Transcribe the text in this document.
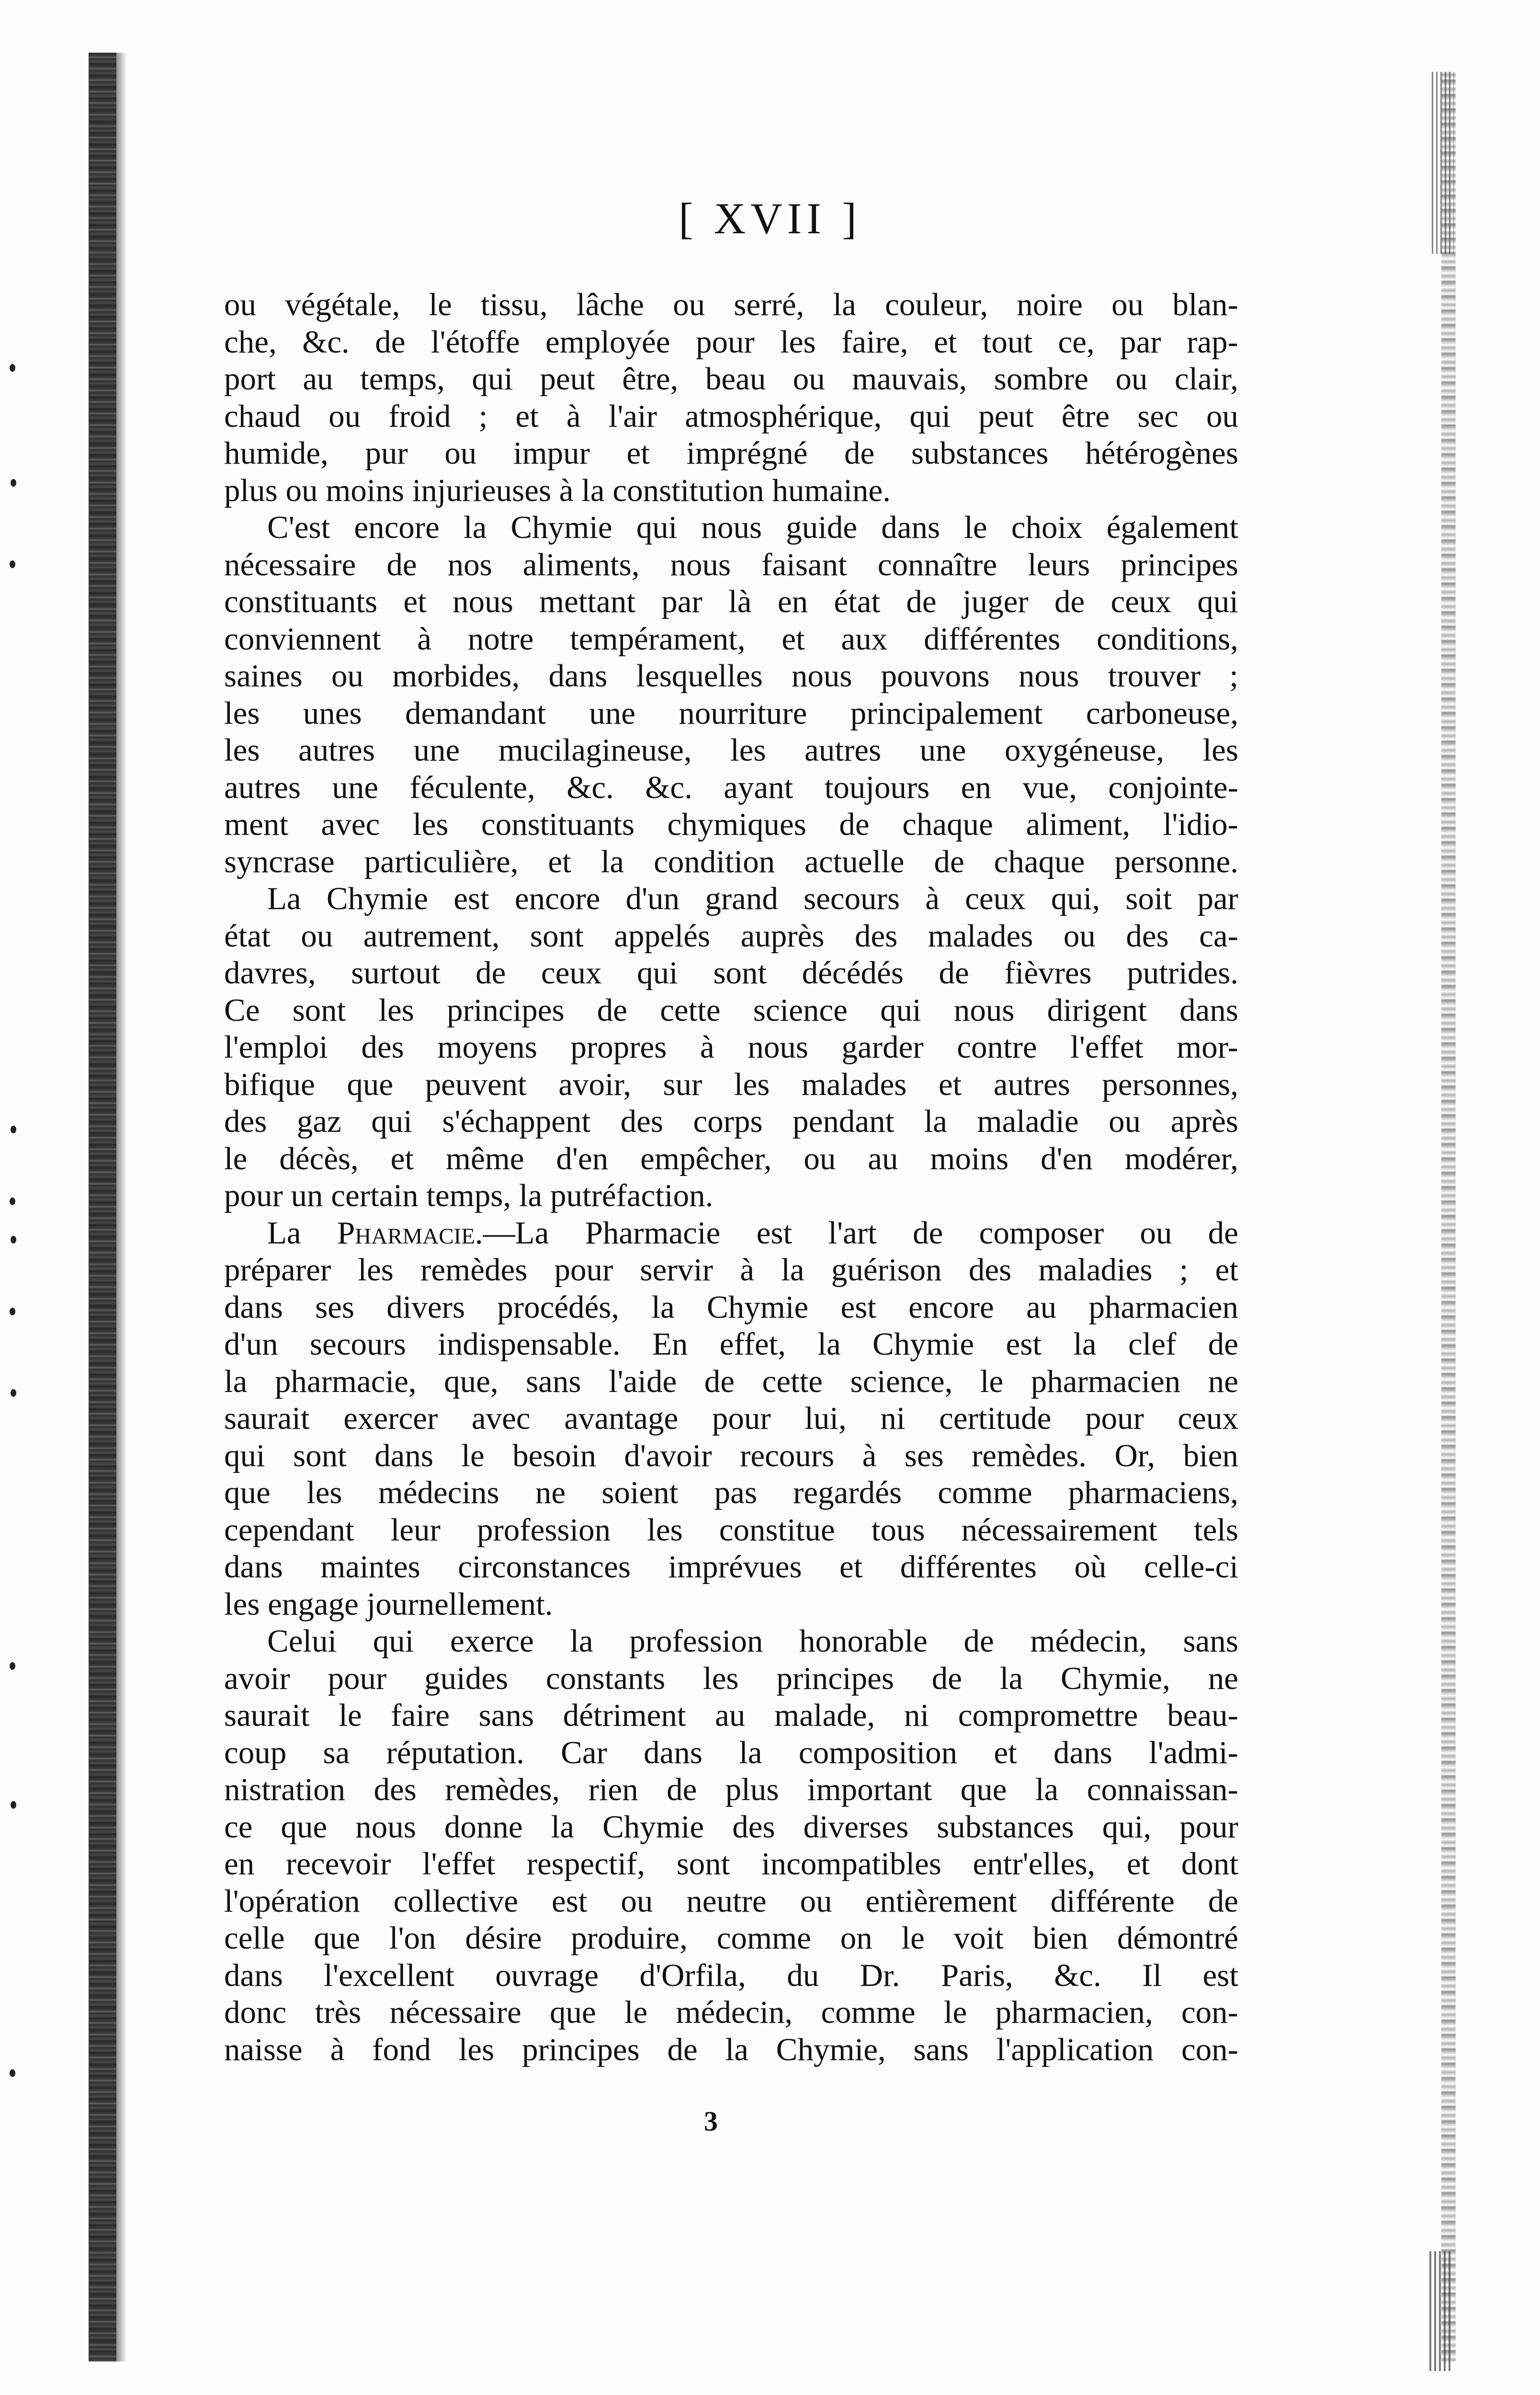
[ XVII ]
ou végétale, le tissu, lâche ou serré, la couleur, noire ou blan-
che, &c. de l'étoffe employée pour les faire, et tout ce, par rap-
port au temps, qui peut être, beau ou mauvais, sombre ou clair,
chaud ou froid ; et à l'air atmosphérique, qui peut être sec ou
humide, pur ou impur et imprégné de substances hétérogènes
plus ou moins injurieuses à la constitution humaine.
C'est encore la Chymie qui nous guide dans le choix également
nécessaire de nos aliments, nous faisant connaître leurs principes
constituants et nous mettant par là en état de juger de ceux qui
conviennent à notre tempérament, et aux différentes conditions,
saines ou morbides, dans lesquelles nous pouvons nous trouver ;
les unes demandant une nourriture principalement carboneuse,
les autres une mucilagineuse, les autres une oxygéneuse, les
autres une féculente, &c. &c. ayant toujours en vue, conjointe-
ment avec les constituants chymiques de chaque aliment, l'idio-
syncrase particulière, et la condition actuelle de chaque personne.
La Chymie est encore d'un grand secours à ceux qui, soit par
état ou autrement, sont appelés auprès des malades ou des ca-
davres, surtout de ceux qui sont décédés de fièvres putrides.
Ce sont les principes de cette science qui nous dirigent dans
l'emploi des moyens propres à nous garder contre l'effet mor-
bifique que peuvent avoir, sur les malades et autres personnes,
des gaz qui s'échappent des corps pendant la maladie ou après
le décès, et même d'en empêcher, ou au moins d'en modérer,
pour un certain temps, la putréfaction.
La Pharmacie.—La Pharmacie est l'art de composer ou de
préparer les remèdes pour servir à la guérison des maladies ; et
dans ses divers procédés, la Chymie est encore au pharmacien
d'un secours indispensable. En effet, la Chymie est la clef de
la pharmacie, que, sans l'aide de cette science, le pharmacien ne
saurait exercer avec avantage pour lui, ni certitude pour ceux
qui sont dans le besoin d'avoir recours à ses remèdes. Or, bien
que les médecins ne soient pas regardés comme pharmaciens,
cependant leur profession les constitue tous nécessairement tels
dans maintes circonstances imprévues et différentes où celle-ci
les engage journellement.
Celui qui exerce la profession honorable de médecin, sans
avoir pour guides constants les principes de la Chymie, ne
saurait le faire sans détriment au malade, ni compromettre beau-
coup sa réputation. Car dans la composition et dans l'admi-
nistration des remèdes, rien de plus important que la connaissan-
ce que nous donne la Chymie des diverses substances qui, pour
en recevoir l'effet respectif, sont incompatibles entr'elles, et dont
l'opération collective est ou neutre ou entièrement différente de
celle que l'on désire produire, comme on le voit bien démontré
dans l'excellent ouvrage d'Orfila, du Dr. Paris, &c. Il est
donc très nécessaire que le médecin, comme le pharmacien, con-
naisse à fond les principes de la Chymie, sans l'application con-
3
